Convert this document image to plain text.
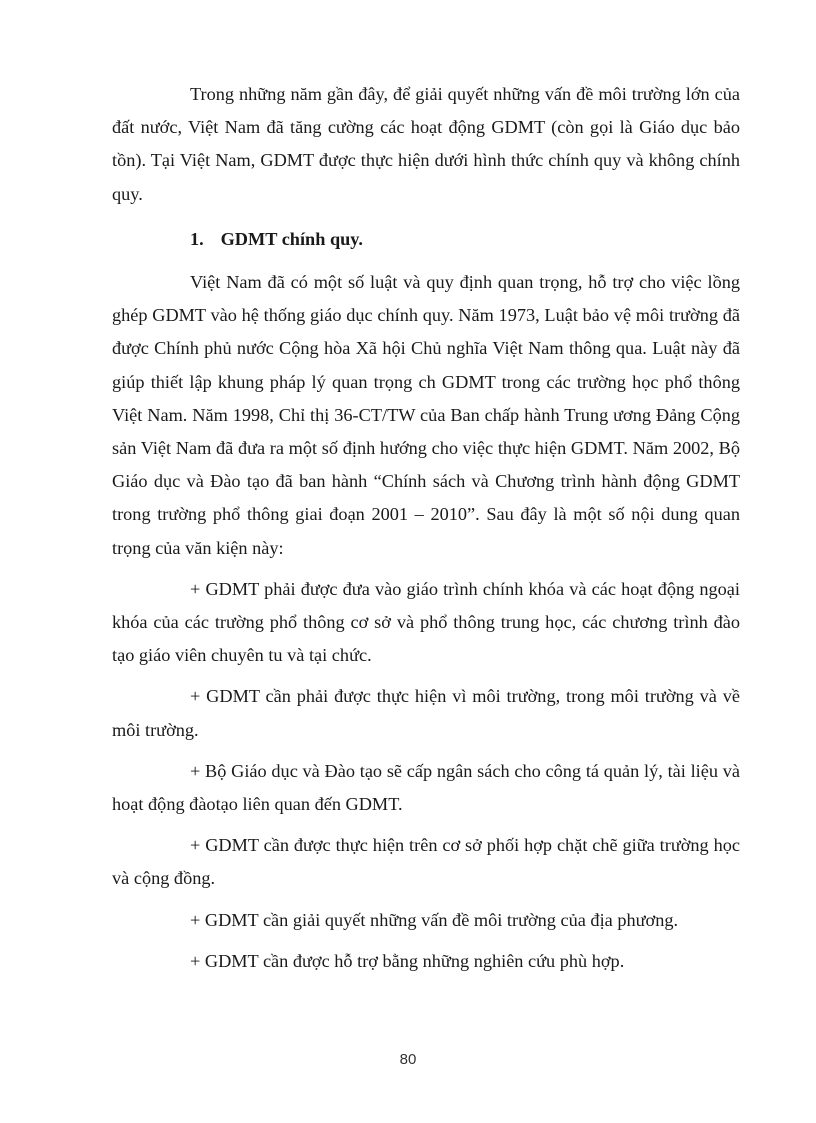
Trong những năm gần đây, để giải quyết những vấn đề môi trường lớn của đất nước, Việt Nam đã tăng cường các hoạt động GDMT (còn gọi là Giáo dục bảo tồn). Tại Việt Nam, GDMT được thực hiện dưới hình thức chính quy và không chính quy.

1. GDMT chính quy.

Việt Nam đã có một số luật và quy định quan trọng, hỗ trợ cho việc lồng ghép GDMT vào hệ thống giáo dục chính quy. Năm 1973, Luật bảo vệ môi trường đã được Chính phủ nước Cộng hòa Xã hội Chủ nghĩa Việt Nam thông qua. Luật này đã giúp thiết lập khung pháp lý quan trọng ch GDMT trong các trường học phổ thông Việt Nam. Năm 1998, Chỉ thị 36-CT/TW của Ban chấp hành Trung ương Đảng Cộng sản Việt Nam đã đưa ra một số định hướng cho việc thực hiện GDMT. Năm 2002, Bộ Giáo dục và Đào tạo đã ban hành “Chính sách và Chương trình hành động GDMT trong trường phổ thông giai đoạn 2001 – 2010”. Sau đây là một số nội dung quan trọng của văn kiện này:

+ GDMT phải được đưa vào giáo trình chính khóa và các hoạt động ngoại khóa của các trường phổ thông cơ sở và phổ thông trung học, các chương trình đào tạo giáo viên chuyên tu và tại chức.

+ GDMT cần phải được thực hiện vì môi trường, trong môi trường và về môi trường.

+ Bộ Giáo dục và Đào tạo sẽ cấp ngân sách cho công tá quản lý, tài liệu và hoạt động đàotạo liên quan đến GDMT.

+ GDMT cần được thực hiện trên cơ sở phối hợp chặt chẽ giữa trường học và cộng đồng.

+ GDMT cần giải quyết những vấn đề môi trường của địa phương.

+ GDMT cần được hỗ trợ bằng những nghiên cứu phù hợp.

80
